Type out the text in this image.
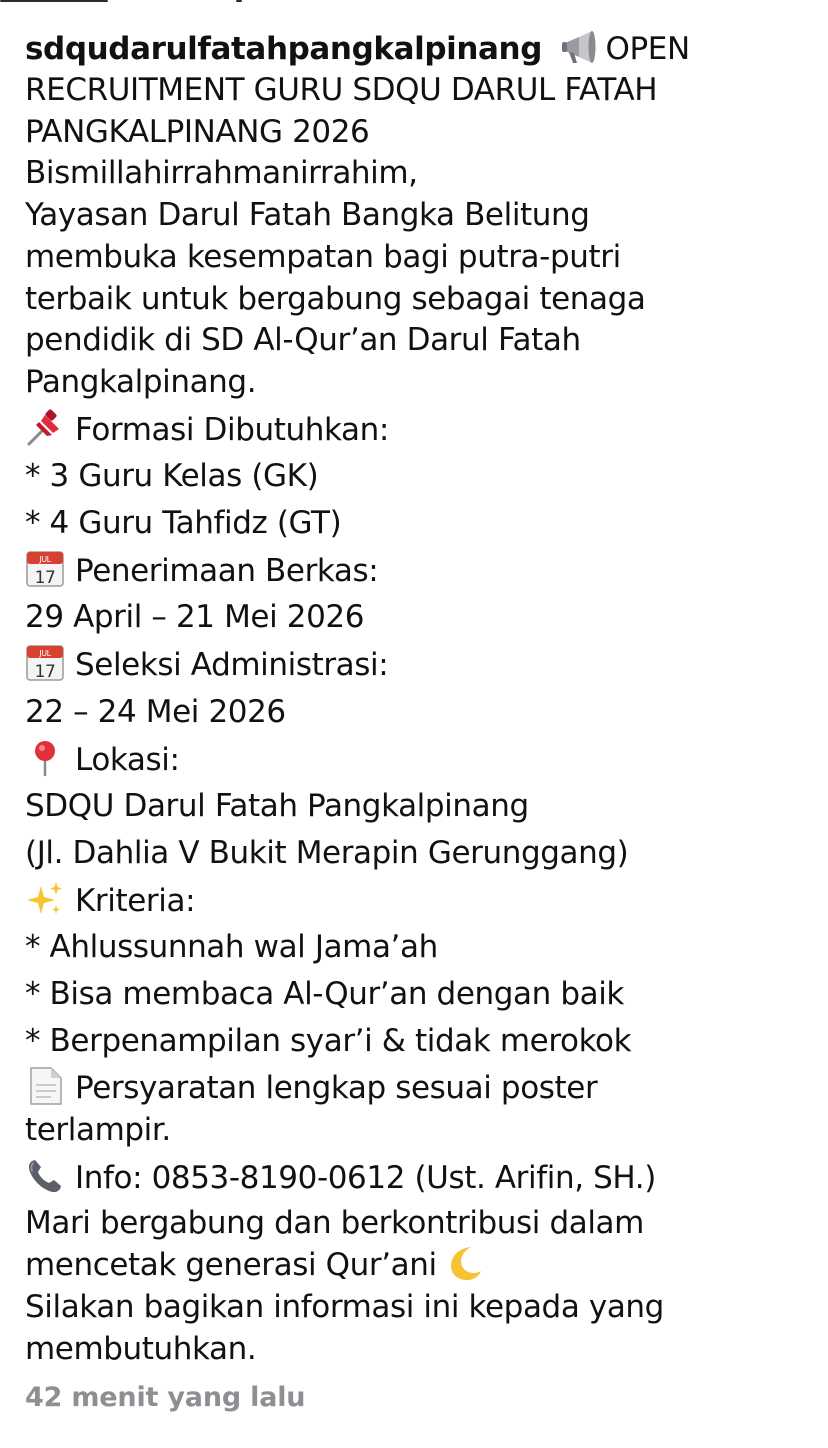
sdqudarulfatahpangkalpinang OPEN
RECRUITMENT GURU SDQU DARUL FATAH
PANGKALPINANG 2026
Bismillahirrahmanirrahim,
Yayasan Darul Fatah Bangka Belitung
membuka kesempatan bagi putra-putri
terbaik untuk bergabung sebagai tenaga
pendidik di SD Al-Qur’an Darul Fatah
Pangkalpinang.
Formasi Dibutuhkan:
* 3 Guru Kelas (GK)
* 4 Guru Tahfidz (GT)
JUL
17 Penerimaan Berkas:
29 April – 21 Mei 2026
JUL
17 Seleksi Administrasi:
22 – 24 Mei 2026
Lokasi:
SDQU Darul Fatah Pangkalpinang
(Jl. Dahlia V Bukit Merapin Gerunggang)
Kriteria:
* Ahlussunnah wal Jama’ah
* Bisa membaca Al-Qur’an dengan baik
* Berpenampilan syar’i & tidak merokok
Persyaratan lengkap sesuai poster
terlampir.
Info: 0853-8190-0612 (Ust. Arifin, SH.)
Mari bergabung dan berkontribusi dalam
mencetak generasi Qur’ani
Silakan bagikan informasi ini kepada yang
membutuhkan.
42 menit yang lalu
